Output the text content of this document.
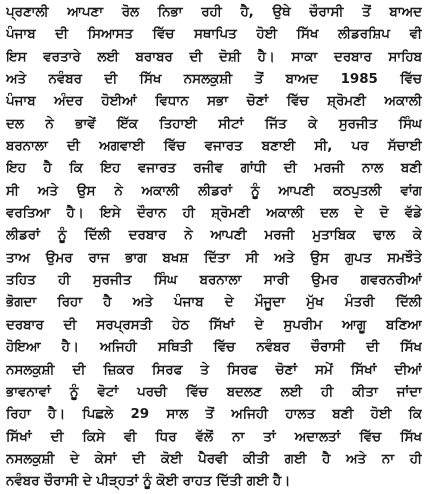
ਪ੍ਰਣਾਲੀ ਆਪਣਾ ਰੋਲ ਨਿਭਾ ਰਹੀ ਹੈ, ਉਥੇ ਚੌਰਾਸੀ ਤੋਂ ਬਾਅਦ
ਪੰਜਾਬ ਦੀ ਸਿਆਸਤ ਵਿੱਚ ਸਥਾਪਿਤ ਹੋਈ ਸਿੱਖ ਲੀਡਰਸ਼ਿਪ ਵੀ
ਇਸ ਵਰਤਾਰੇ ਲਈ ਬਰਾਬਰ ਦੀ ਦੋਸ਼ੀ ਹੈ। ਸਾਕਾ ਦਰਬਾਰ ਸਾਹਿਬ
ਅਤੇ ਨਵੰਬਰ ਦੀ ਸਿੱਖ ਨਸਲਕੁਸ਼ੀ ਤੋਂ ਬਾਅਦ 1985 ਵਿੱਚ
ਪੰਜਾਬ ਅੰਦਰ ਹੋਈਆਂ ਵਿਧਾਨ ਸਭਾ ਚੋਣਾਂ ਵਿੱਚ ਸ਼੍ਰੋਮਣੀ ਅਕਾਲੀ
ਦਲ ਨੇ ਭਾਵੇਂ ਇੱਕ ਤਿਹਾਈ ਸੀਟਾਂ ਜਿੱਤ ਕੇ ਸੁਰਜੀਤ ਸਿੰਘ
ਬਰਨਾਲਾ ਦੀ ਅਗਵਾਈ ਵਿੱਚ ਵਜਾਰਤ ਬਣਾਈ ਸੀ, ਪਰ ਸੱਚਾਈ
ਇਹ ਹੈ ਕਿ ਇਹ ਵਜਾਰਤ ਰਜੀਵ ਗਾਂਧੀ ਦੀ ਮਰਜੀ ਨਾਲ ਬਣੀ
ਸੀ ਅਤੇ ਉਸ ਨੇ ਅਕਾਲੀ ਲੀਡਰਾਂ ਨੂੰ ਆਪਣੀ ਕਠਪੁਤਲੀ ਵਾਂਗ
ਵਰਤਿਆ ਹੈ। ਇਸੇ ਦੌਰਾਨ ਹੀ ਸ਼੍ਰੋਮਣੀ ਅਕਾਲੀ ਦਲ ਦੇ ਦੋ ਵੱਡੇ
ਲੀਡਰਾਂ ਨੂੰ ਦਿੱਲੀ ਦਰਬਾਰ ਨੇ ਆਪਣੀ ਮਰਜੀ ਮੁਤਾਬਿਕ ਢਾਲ ਕੇ
ਤਾਅ ਉਮਰ ਰਾਜ ਭਾਗ ਬਖਸ਼ ਦਿੱਤਾ ਸੀ ਅਤੇ ਉਸ ਗੁਪਤ ਸਮਝੌਤੇ
ਤਹਿਤ ਹੀ ਸੁਰਜੀਤ ਸਿੰਘ ਬਰਨਾਲਾ ਸਾਰੀ ਉਮਰ ਗਵਰਨਰੀਆਂ
ਭੋਗਦਾ ਰਿਹਾ ਹੈ ਅਤੇ ਪੰਜਾਬ ਦੇ ਮੌਜੂਦਾ ਮੁੱਖ ਮੰਤਰੀ ਦਿੱਲੀ
ਦਰਬਾਰ ਦੀ ਸਰਪ੍ਰਸਤੀ ਹੇਠ ਸਿੱਖਾਂ ਦੇ ਸੁਪਰੀਮ ਆਗੂ ਬਣਿਆ
ਹੋਇਆ ਹੈ। ਅਜਿਹੀ ਸਥਿਤੀ ਵਿੱਚ ਨਵੰਬਰ ਚੌਰਾਸੀ ਦੀ ਸਿੱਖ
ਨਸਲਕੁਸ਼ੀ ਦੀ ਜ਼ਿਕਰ ਸਿਰਫ ਤੇ ਸਿਰਫ ਚੋਣਾਂ ਸਮੇਂ ਸਿੱਖਾਂ ਦੀਆਂ
ਭਾਵਨਾਵਾਂ ਨੂੰ ਵੋਟਾਂ ਪਰਚੀ ਵਿੱਚ ਬਦਲਣ ਲਈ ਹੀ ਕੀਤਾ ਜਾਂਦਾ
ਰਿਹਾ ਹੈ। ਪਿਛਲੇ 29 ਸਾਲ ਤੋਂ ਅਜਿਹੀ ਹਾਲਤ ਬਣੀ ਹੋਈ ਕਿ
ਸਿੱਖਾਂ ਦੀ ਕਿਸੇ ਵੀ ਧਿਰ ਵੱਲੋਂ ਨਾ ਤਾਂ ਅਦਾਲਤਾਂ ਵਿੱਚ ਸਿੱਖ
ਨਸਲਕੁਸ਼ੀ ਦੇ ਕੇਸਾਂ ਦੀ ਕੋਈ ਪੈਰਵੀ ਕੀਤੀ ਗਈ ਹੈ ਅਤੇ ਨਾ ਹੀ
ਨਵੰਬਰ ਚੌਰਾਸੀ ਦੇ ਪੀੜ੍ਹਤਾਂ ਨੂੰ ਕੋਈ ਰਾਹਤ ਦਿੱਤੀ ਗਈ ਹੈ।
